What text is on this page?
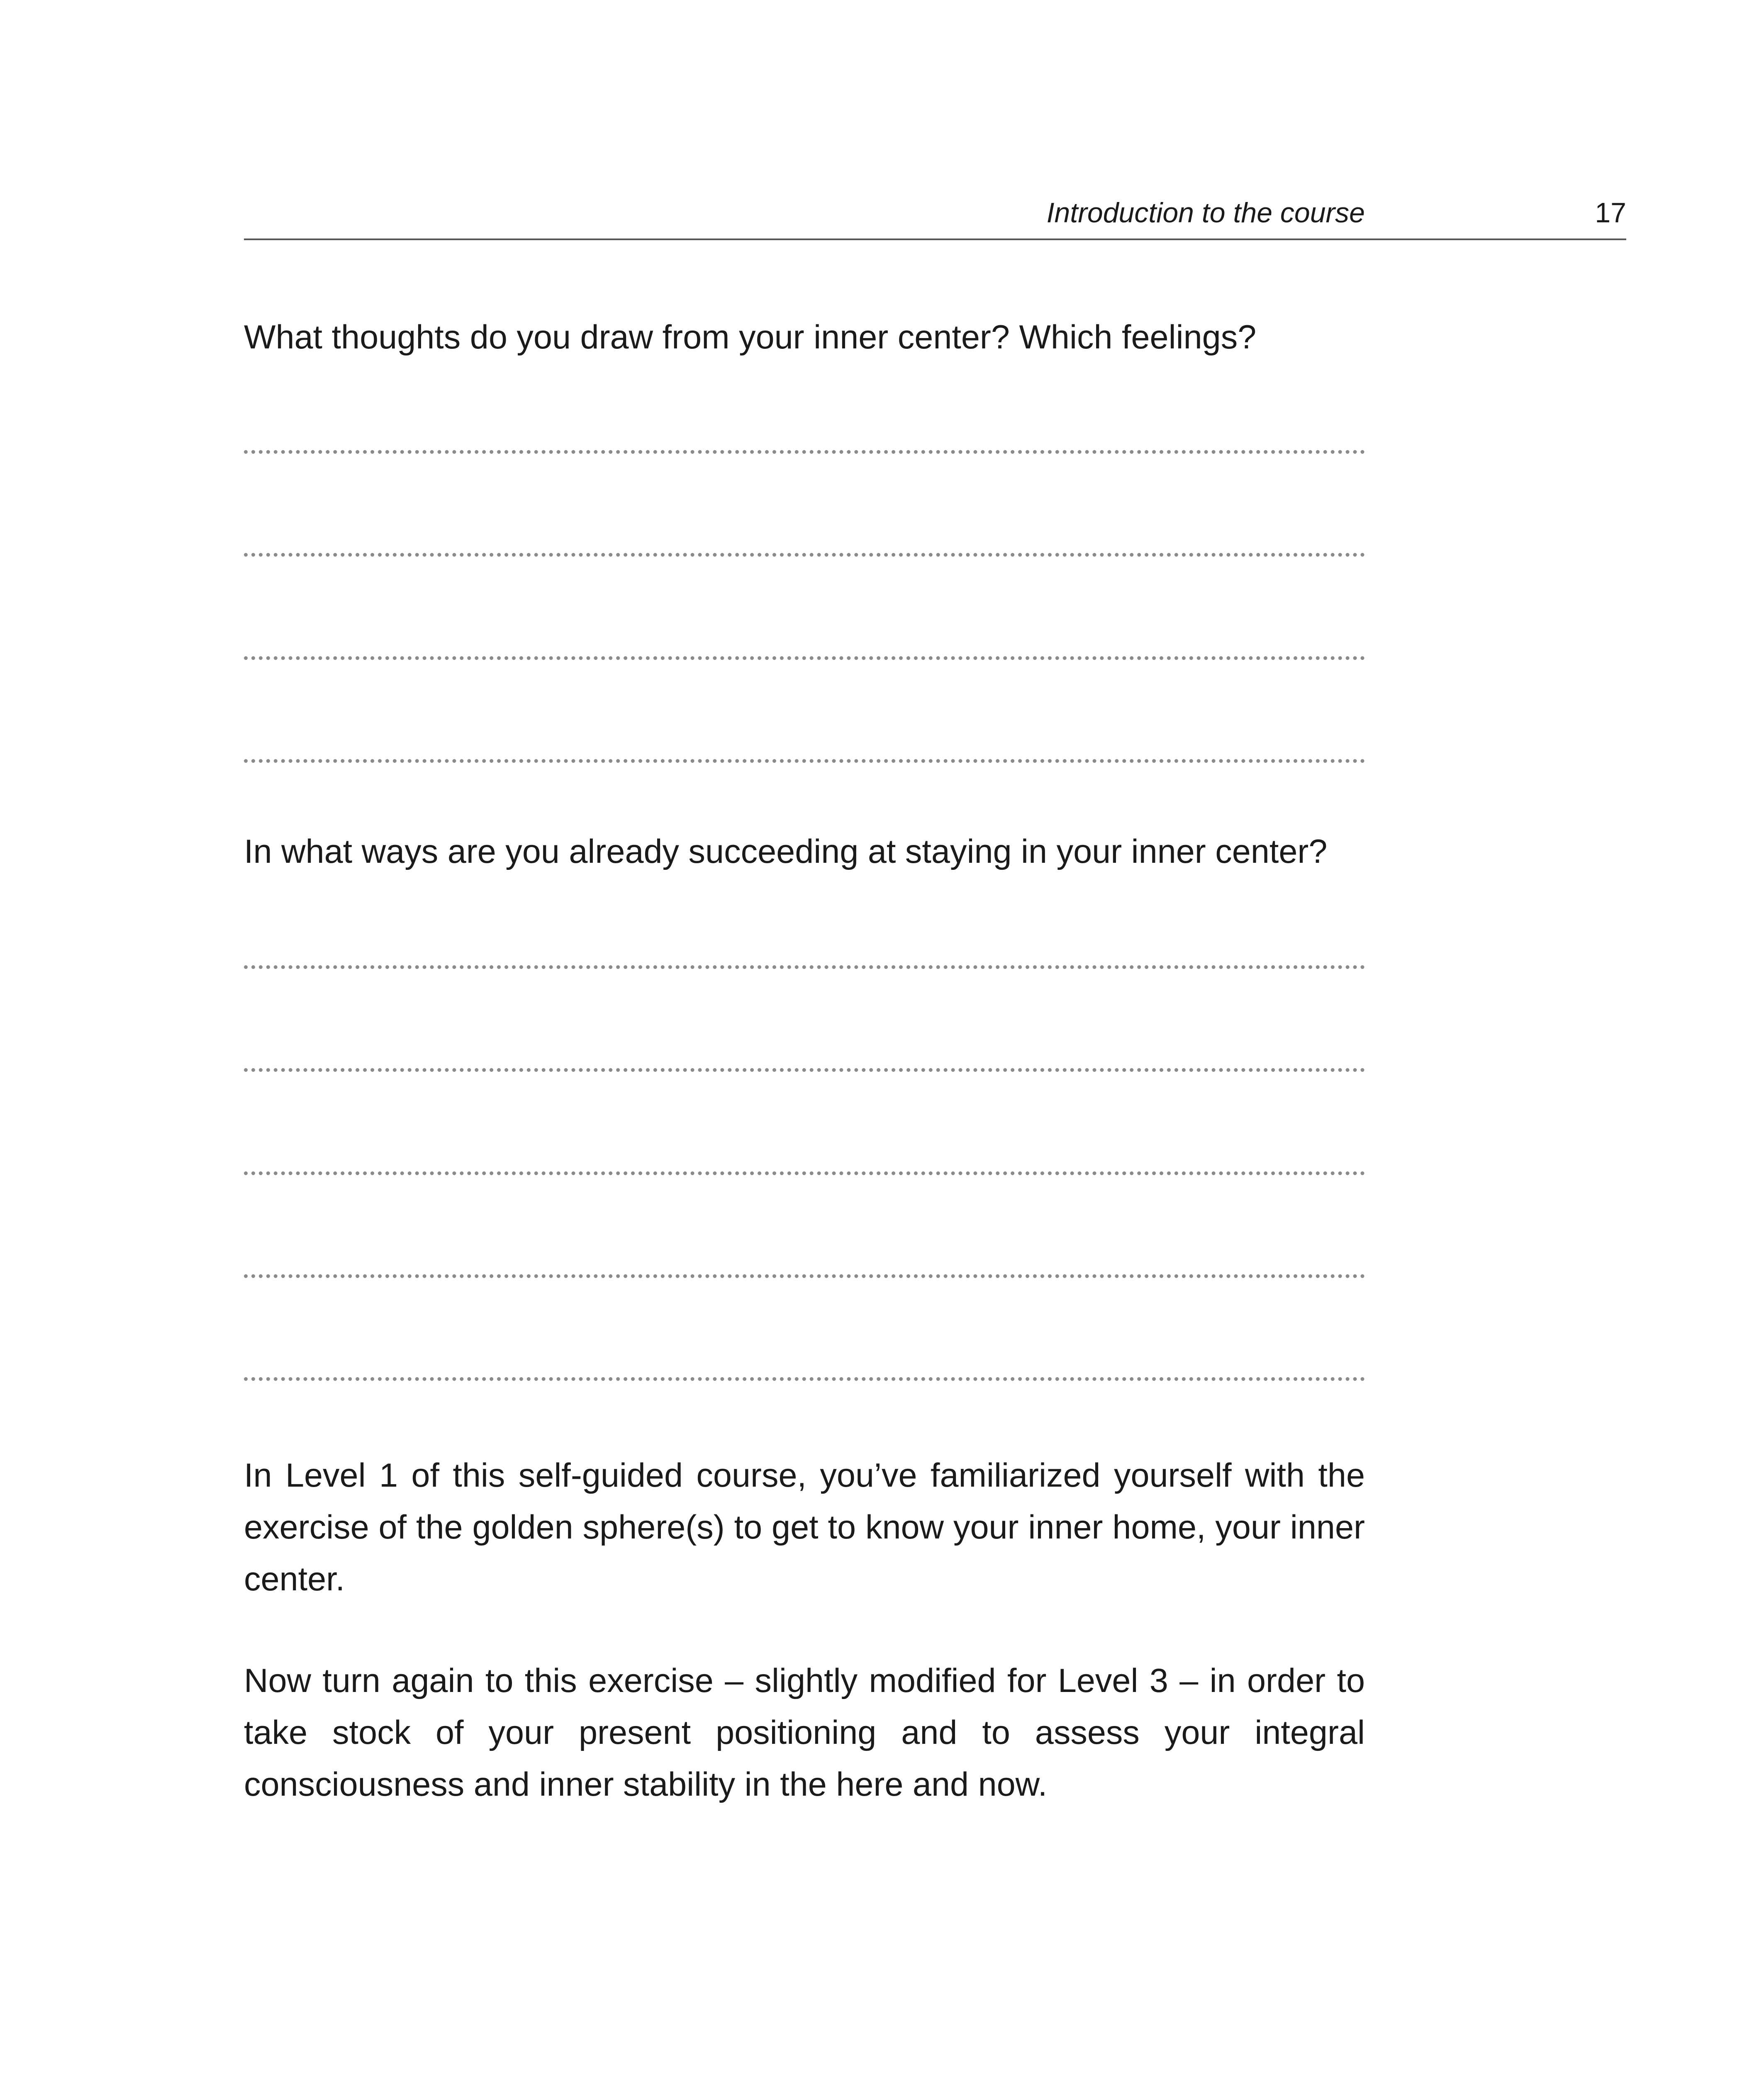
Introduction to the course	17

What thoughts do you draw from your inner center? Which feelings?

In what ways are you already succeeding at staying in your inner center?

In Level 1 of this self-guided course, you’ve familiarized yourself with the exercise of the golden sphere(s) to get to know your inner home, your inner center.

Now turn again to this exercise – slightly modified for Level 3 – in order to take stock of your present positioning and to assess your integral consciousness and inner stability in the here and now.
